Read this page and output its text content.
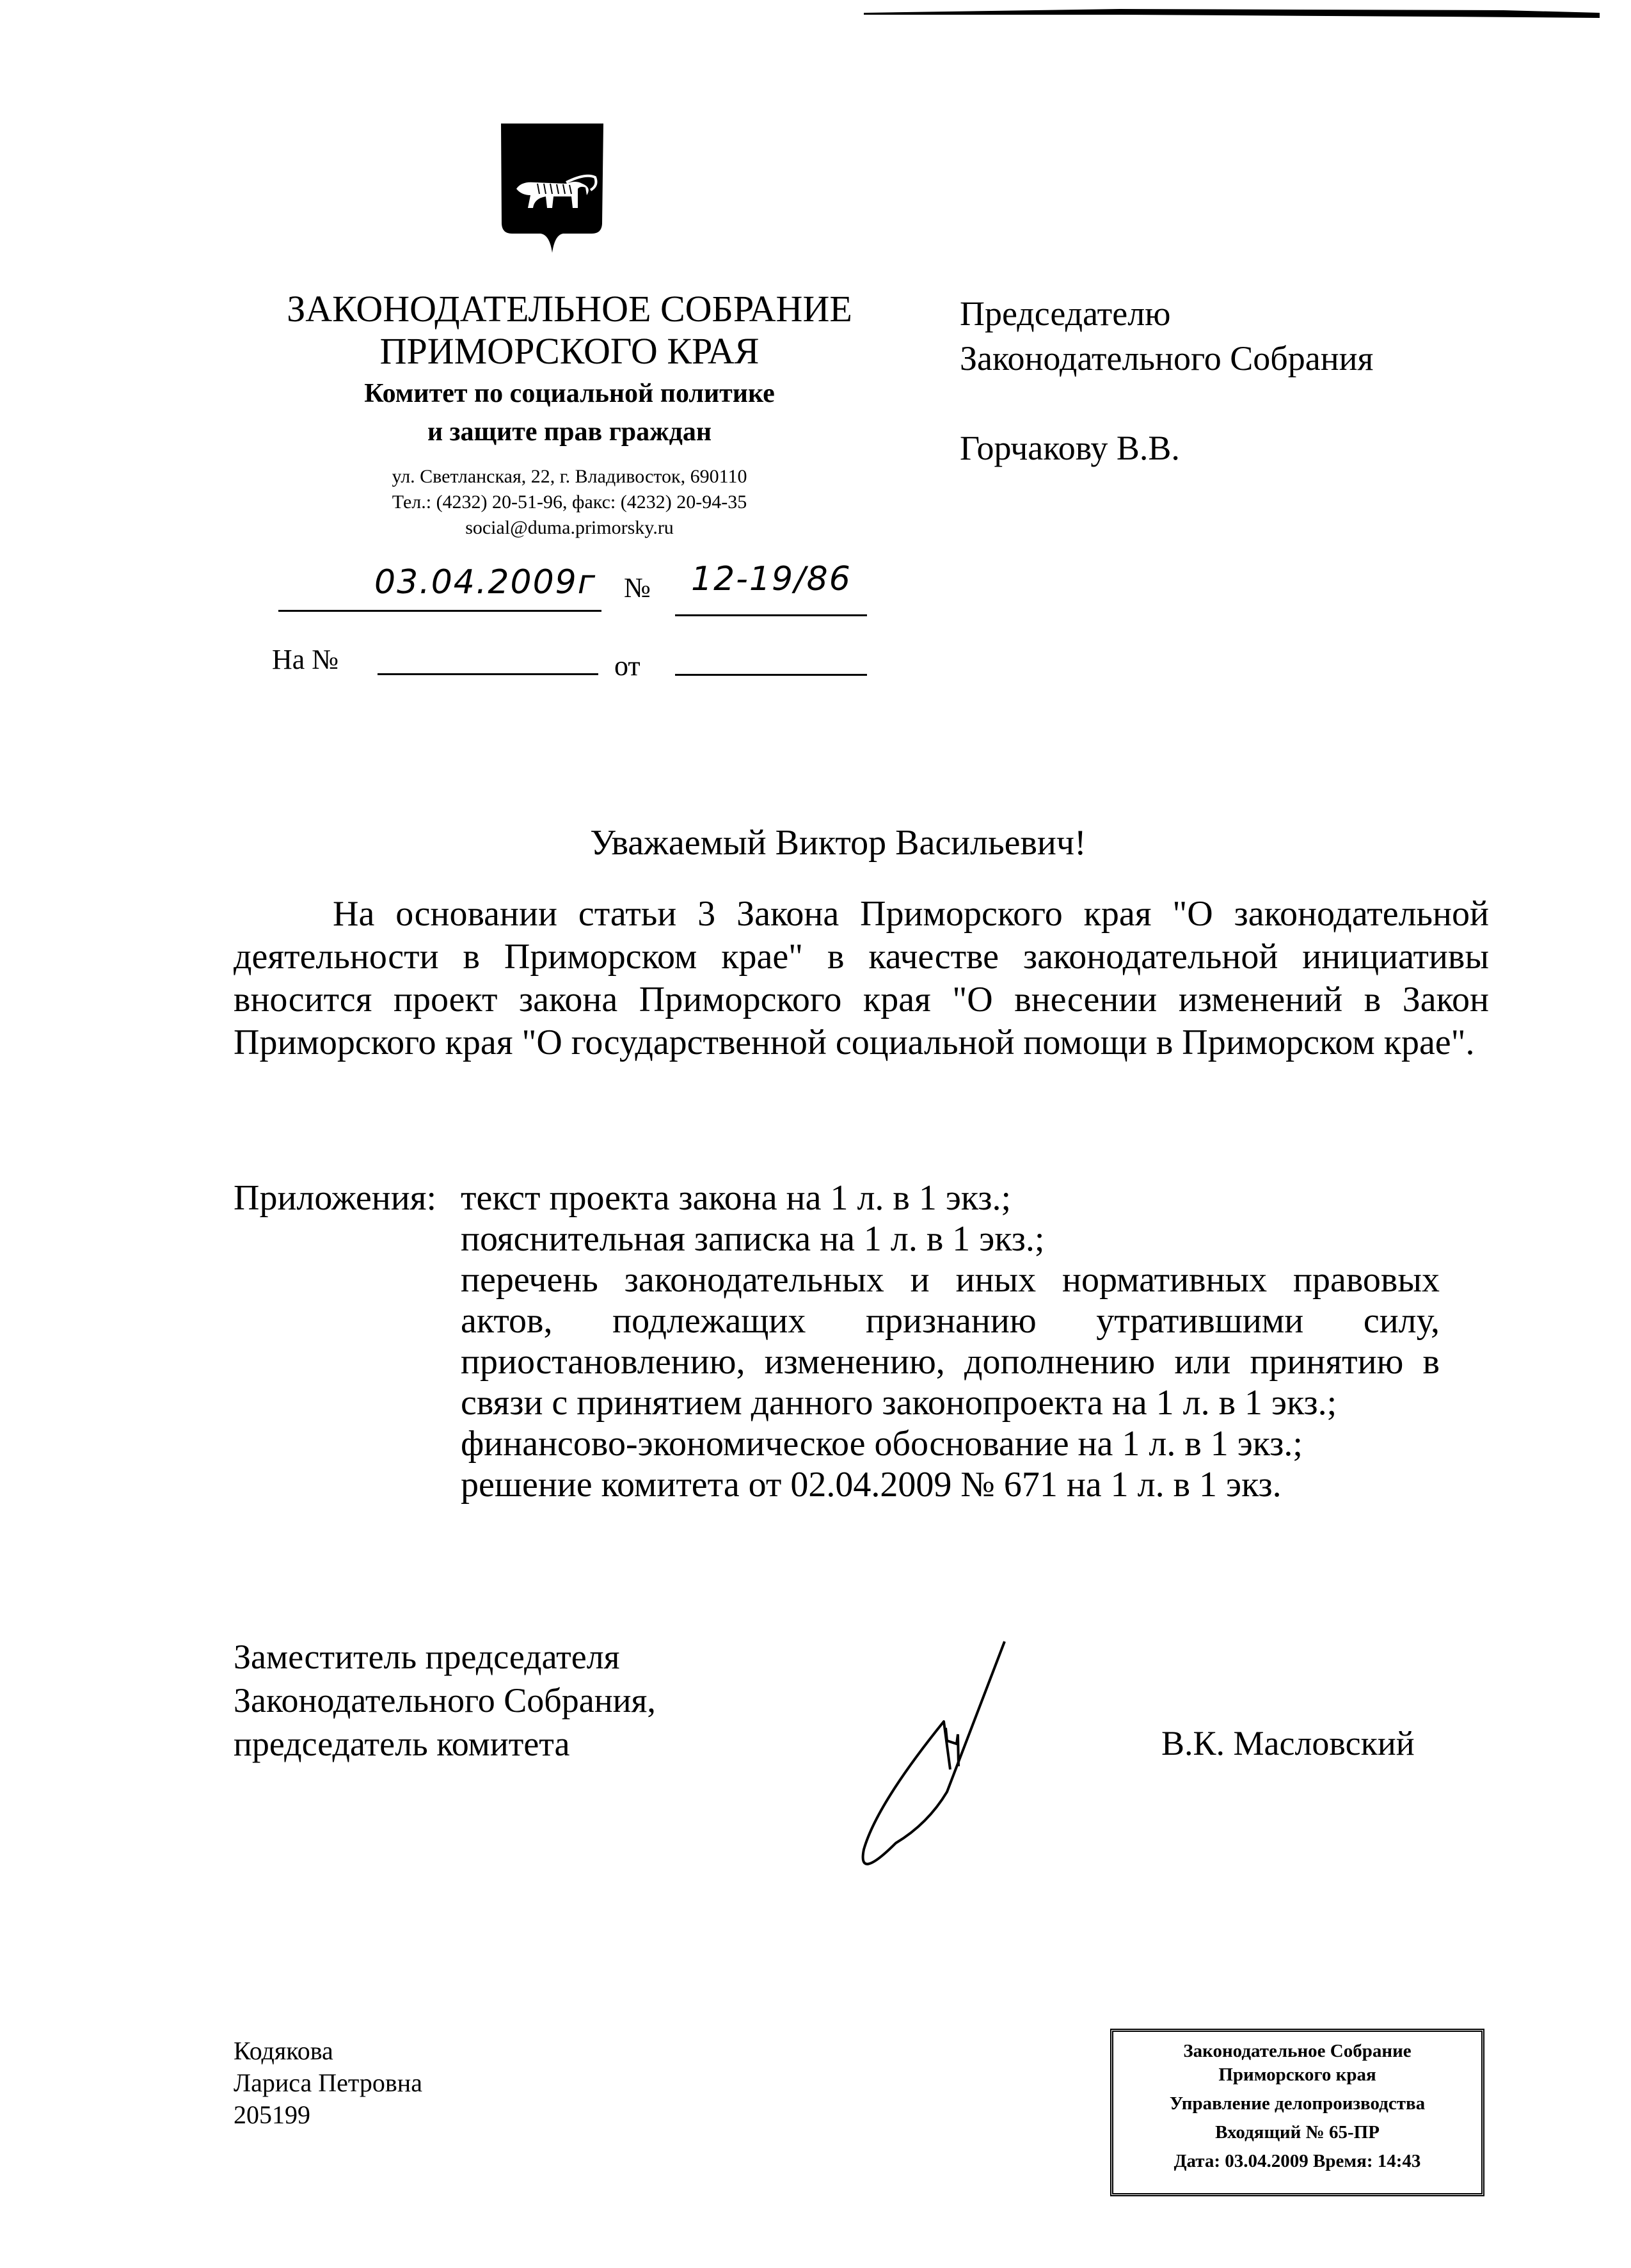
ЗАКОНОДАТЕЛЬНОЕ СОБРАНИЕ
ПРИМОРСКОГО КРАЯ
Комитет по социальной политике
и защите прав граждан
ул. Светланская, 22, г. Владивосток, 690110
Тел.: (4232) 20-51-96, факс: (4232) 20-94-35
social@duma.primorsky.ru
03.04.2009г № 12-19/86
На №	от
Председателю
Законодательного Собрания
Горчакову В.В.
Уважаемый Виктор Васильевич!
На основании статьи 3 Закона Приморского края "О законодательной деятельности в Приморском крае" в качестве законодательной инициативы вносится проект закона Приморского края "О внесении изменений в Закон Приморского края "О государственной социальной помощи в Приморском крае".
Приложения: текст проекта закона на 1 л. в 1 экз.;
пояснительная записка на 1 л. в 1 экз.;
перечень законодательных и иных нормативных правовых актов, подлежащих признанию утратившими силу, приостановлению, изменению, дополнению или принятию в связи с принятием данного законопроекта на 1 л. в 1 экз.;
финансово-экономическое обоснование на 1 л. в 1 экз.;
решение комитета от 02.04.2009 № 671 на 1 л. в 1 экз.
Заместитель председателя
Законодательного Собрания,
председатель комитета	В.К. Масловский
Кодякова
Лариса Петровна
205199
Законодательное Собрание
Приморского края
Управление делопроизводства
Входящий № 65-ПР
Дата: 03.04.2009 Время: 14:43
